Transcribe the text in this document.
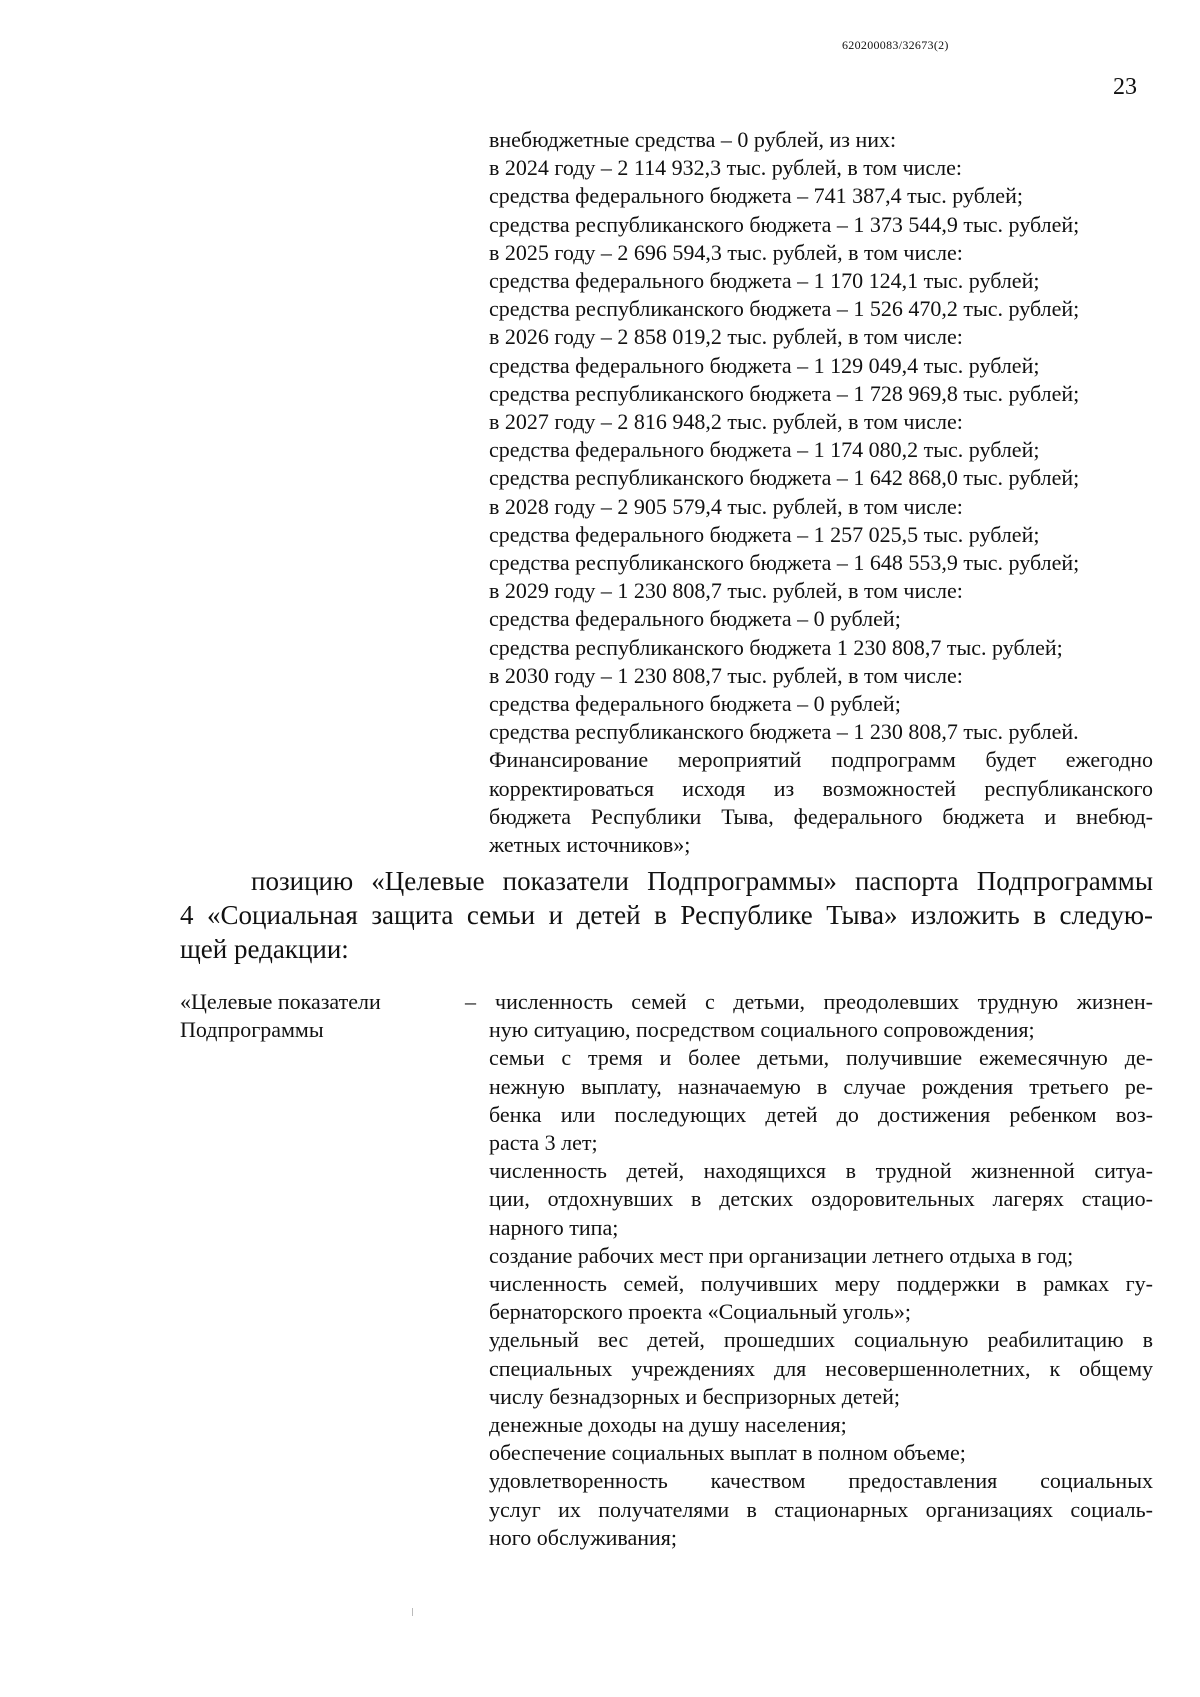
620200083/32673(2)
23
внебюджетные средства – 0 рублей, из них:
в 2024 году – 2 114 932,3 тыс. рублей, в том числе:
средства федерального бюджета – 741 387,4 тыс. рублей;
средства республиканского бюджета – 1 373 544,9 тыс. рублей;
в 2025 году – 2 696 594,3 тыс. рублей, в том числе:
средства федерального бюджета – 1 170 124,1 тыс. рублей;
средства республиканского бюджета – 1 526 470,2 тыс. рублей;
в 2026 году – 2 858 019,2 тыс. рублей, в том числе:
средства федерального бюджета – 1 129 049,4 тыс. рублей;
средства республиканского бюджета – 1 728 969,8 тыс. рублей;
в 2027 году – 2 816 948,2 тыс. рублей, в том числе:
средства федерального бюджета – 1 174 080,2 тыс. рублей;
средства республиканского бюджета – 1 642 868,0 тыс. рублей;
в 2028 году – 2 905 579,4 тыс. рублей, в том числе:
средства федерального бюджета – 1 257 025,5 тыс. рублей;
средства республиканского бюджета – 1 648 553,9 тыс. рублей;
в 2029 году – 1 230 808,7 тыс. рублей, в том числе:
средства федерального бюджета – 0 рублей;
средства республиканского бюджета 1 230 808,7 тыс. рублей;
в 2030 году – 1 230 808,7 тыс. рублей, в том числе:
средства федерального бюджета – 0 рублей;
средства республиканского бюджета – 1 230 808,7 тыс. рублей.
Финансирование мероприятий подпрограмм будет ежегодно
корректироваться исходя из возможностей республиканского
бюджета Республики Тыва, федерального бюджета и внебюд-
жетных источников»;
позицию «Целевые показатели Подпрограммы» паспорта Подпрограммы
4 «Социальная защита семьи и детей в Республике Тыва» изложить в следую-
щей редакции:
«Целевые показатели
Подпрограммы
– численность семей с детьми, преодолевших трудную жизнен-
ную ситуацию, посредством социального сопровождения;
семьи с тремя и более детьми, получившие ежемесячную де-
нежную выплату, назначаемую в случае рождения третьего ре-
бенка или последующих детей до достижения ребенком воз-
раста 3 лет;
численность детей, находящихся в трудной жизненной ситуа-
ции, отдохнувших в детских оздоровительных лагерях стацио-
нарного типа;
создание рабочих мест при организации летнего отдыха в год;
численность семей, получивших меру поддержки в рамках гу-
бернаторского проекта «Социальный уголь»;
удельный вес детей, прошедших социальную реабилитацию в
специальных учреждениях для несовершеннолетних, к общему
числу безнадзорных и беспризорных детей;
денежные доходы на душу населения;
обеспечение социальных выплат в полном объеме;
удовлетворенность качеством предоставления социальных
услуг их получателями в стационарных организациях социаль-
ного обслуживания;
